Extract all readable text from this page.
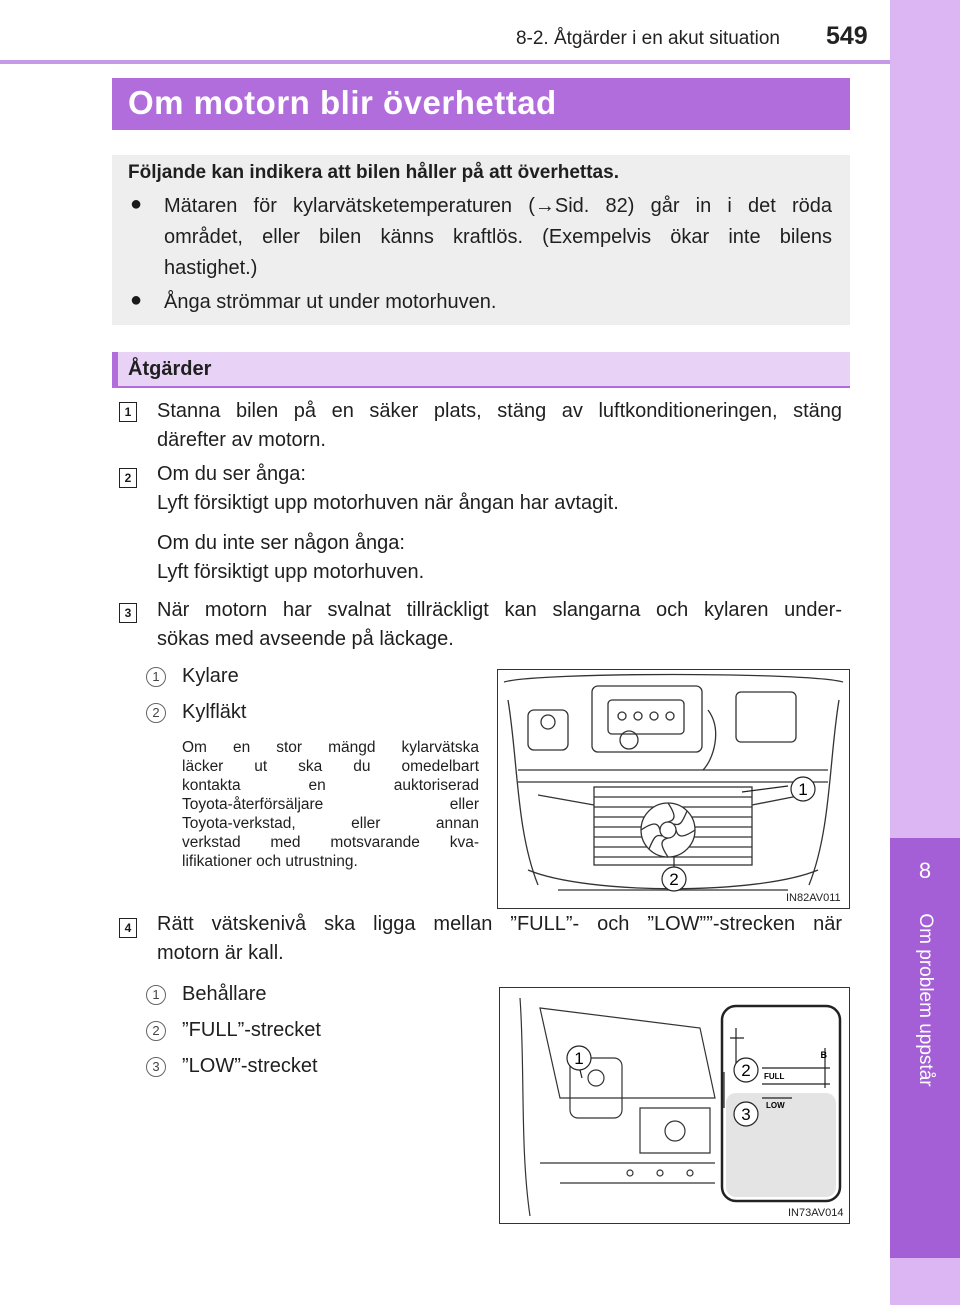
8
Om problem uppstår
8-2. Åtgärder i en akut situation 549
Om motorn blir överhettad
Följande kan indikera att bilen håller på att överhettas.
● Mätaren för kylarvätsketemperaturen (→Sid. 82) går in i det röda
området, eller bilen känns kraftlös. (Exempelvis ökar inte bilens
hastighet.)
● Ånga strömmar ut under motorhuven.
Åtgärder
1 Stanna bilen på en säker plats, stäng av luftkonditioneringen, stäng
därefter av motorn.
2 Om du ser ånga:
Lyft försiktigt upp motorhuven när ångan har avtagit.
Om du inte ser någon ånga:
Lyft försiktigt upp motorhuven.
3 När motorn har svalnat tillräckligt kan slangarna och kylaren under-
sökas med avseende på läckage.
1	Kylare
2	Kylfläkt
Om en stor mängd kylarvätska
läcker ut ska du omedelbart
kontakta en auktoriserad
Toyota-återförsäljare eller
Toyota-verkstad, eller annan
verkstad med motsvarande kva-
lifikationer och utrustning.
1
2
IN82AV011
4 Rätt vätskenivå ska ligga mellan ”FULL”- och ”LOW””-strecken när
motorn är kall.
1	Behållare
2	”FULL”-strecket
3	”LOW”-strecket	B
FULL
LOW
1
2
3
IN73AV014
